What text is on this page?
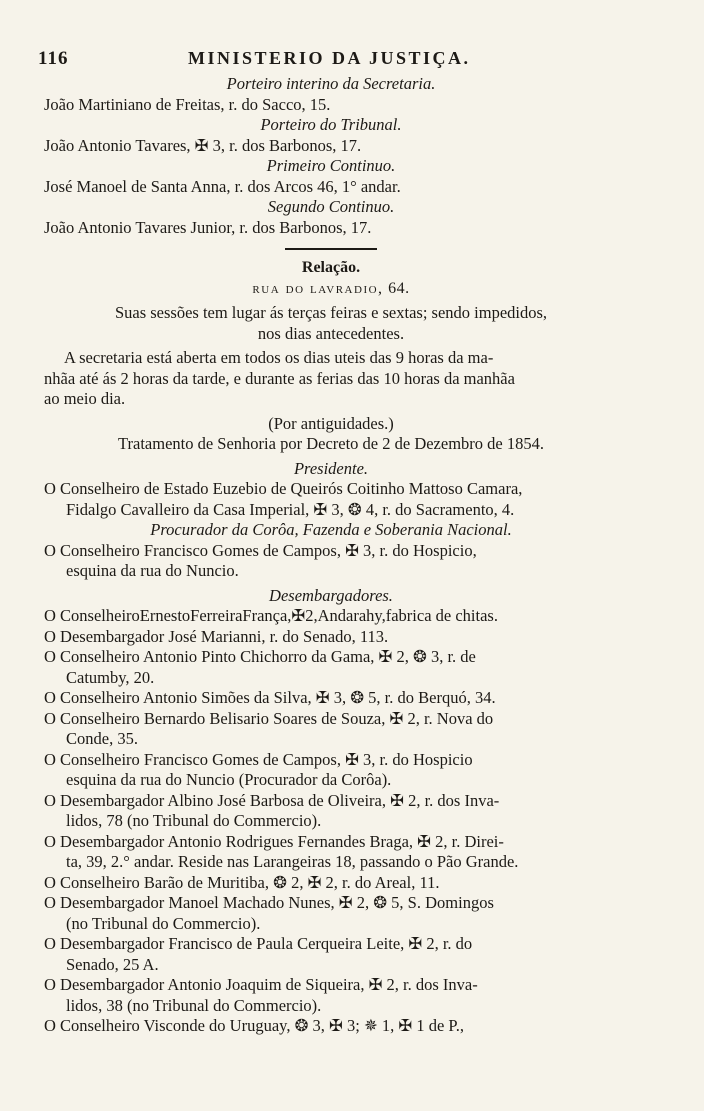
116	MINISTERIO DA JUSTIÇA.
Porteiro interino da Secretaria.
João Martiniano de Freitas, r. do Sacco, 15.
Porteiro do Tribunal.
João Antonio Tavares, ✠ 3, r. dos Barbonos, 17.
Primeiro Continuo.
José Manoel de Santa Anna, r. dos Arcos 46, 1° andar.
Segundo Continuo.
João Antonio Tavares Junior, r. dos Barbonos, 17.
Relação.
rua do lavradio, 64.
Suas sessões tem lugar ás terças feiras e sextas; sendo impedidos,
nos dias antecedentes.
A secretaria está aberta em todos os dias uteis das 9 horas da ma-
nhãa até ás 2 horas da tarde, e durante as ferias das 10 horas da manhãa
ao meio dia.
(Por antiguidades.)
Tratamento de Senhoria por Decreto de 2 de Dezembro de 1854.
Presidente.
O Conselheiro de Estado Euzebio de Queirós Coitinho Mattoso Camara,
Fidalgo Cavalleiro da Casa Imperial, ✠ 3, ❂ 4, r. do Sacramento, 4.
Procurador da Corôa, Fazenda e Soberania Nacional.
O Conselheiro Francisco Gomes de Campos, ✠ 3, r. do Hospicio,
esquina da rua do Nuncio.
Desembargadores.
O ConselheiroErnestoFerreiraFrança,✠2,Andarahy,fabrica de chitas.
O Desembargador José Marianni, r. do Senado, 113.
O Conselheiro Antonio Pinto Chichorro da Gama, ✠ 2, ❂ 3, r. de
Catumby, 20.
O Conselheiro Antonio Simões da Silva, ✠ 3, ❂ 5, r. do Berquó, 34.
O Conselheiro Bernardo Belisario Soares de Souza, ✠ 2, r. Nova do
Conde, 35.
O Conselheiro Francisco Gomes de Campos, ✠ 3, r. do Hospicio
esquina da rua do Nuncio (Procurador da Corôa).
O Desembargador Albino José Barbosa de Oliveira, ✠ 2, r. dos Inva-
lidos, 78 (no Tribunal do Commercio).
O Desembargador Antonio Rodrigues Fernandes Braga, ✠ 2, r. Direi-
ta, 39, 2.° andar. Reside nas Larangeiras 18, passando o Pão Grande.
O Conselheiro Barão de Muritiba, ❂ 2, ✠ 2, r. do Areal, 11.
O Desembargador Manoel Machado Nunes, ✠ 2, ❂ 5, S. Domingos
(no Tribunal do Commercio).
O Desembargador Francisco de Paula Cerqueira Leite, ✠ 2, r. do
Senado, 25 A.
O Desembargador Antonio Joaquim de Siqueira, ✠ 2, r. dos Inva-
lidos, 38 (no Tribunal do Commercio).
O Conselheiro Visconde do Uruguay, ❂ 3, ✠ 3; ✵ 1, ✠ 1 de P.,
